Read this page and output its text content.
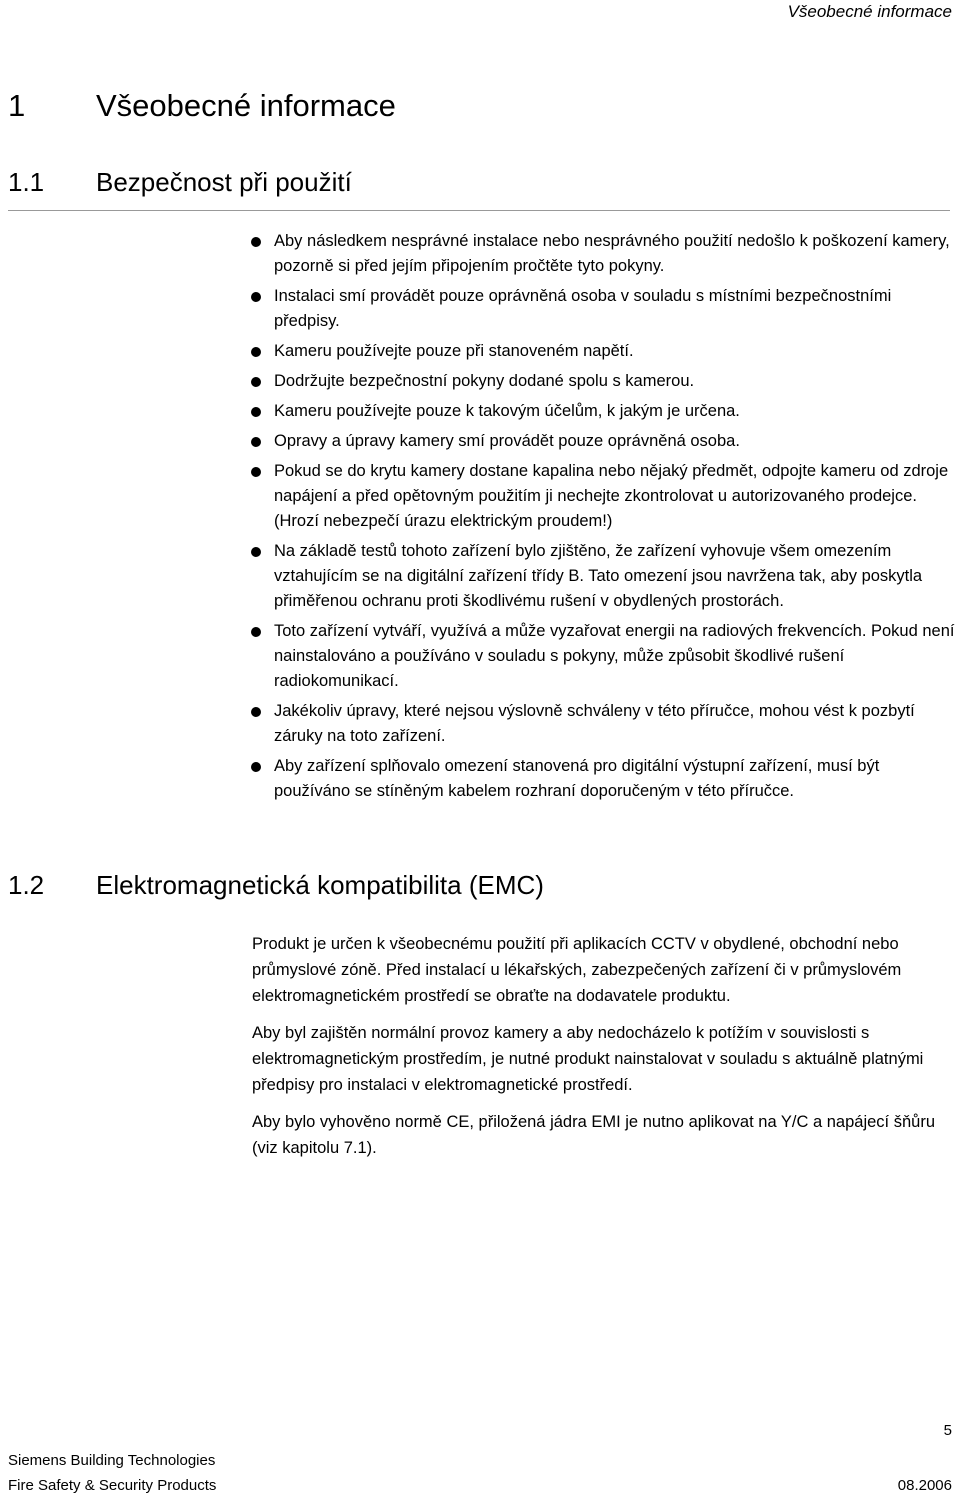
Všeobecné informace
1 Všeobecné informace
1.1 Bezpečnost při použití
Aby následkem nesprávné instalace nebo nesprávného použití nedošlo k poškození kamery, pozorně si před jejím připojením pročtěte tyto pokyny.
Instalaci smí provádět pouze oprávněná osoba v souladu s místními bezpečnostními předpisy.
Kameru používejte pouze při stanoveném napětí.
Dodržujte bezpečnostní pokyny dodané spolu s kamerou.
Kameru používejte pouze k takovým účelům, k jakým je určena.
Opravy a úpravy kamery smí provádět pouze oprávněná osoba.
Pokud se do krytu kamery dostane kapalina nebo nějaký předmět, odpojte kameru od zdroje napájení a před opětovným použitím ji nechejte zkontrolovat u autorizovaného prodejce. (Hrozí nebezpečí úrazu elektrickým proudem!)
Na základě testů tohoto zařízení bylo zjištěno, že zařízení vyhovuje všem omezením vztahujícím se na digitální zařízení třídy B. Tato omezení jsou navržena tak, aby poskytla přiměřenou ochranu proti škodlivému rušení v obydlených prostorách.
Toto zařízení vytváří, využívá a může vyzařovat energii na radiových frekvencích. Pokud není nainstalováno a používáno v souladu s pokyny, může způsobit škodlivé rušení radiokomunikací.
Jakékoliv úpravy, které nejsou výslovně schváleny v této příručce, mohou vést k pozbytí záruky na toto zařízení.
Aby zařízení splňovalo omezení stanovená pro digitální výstupní zařízení, musí být používáno se stíněným kabelem rozhraní doporučeným v této příručce.
1.2 Elektromagnetická kompatibilita (EMC)

Produkt je určen k všeobecnému použití při aplikacích CCTV v obydlené, obchodní nebo průmyslové zóně. Před instalací u lékařských, zabezpečených zařízení či v průmyslovém elektromagnetickém prostředí se obraťte na dodavatele produktu.

Aby byl zajištěn normální provoz kamery a aby nedocházelo k potížím v souvislosti s elektromagnetickým prostředím, je nutné produkt nainstalovat v souladu s aktuálně platnými předpisy pro instalaci v elektromagnetické prostředí.

Aby bylo vyhověno normě CE, přiložená jádra EMI je nutno aplikovat na Y/C a napájecí šňůru (viz kapitolu 7.1).

5
Siemens Building Technologies
Fire Safety & Security Products	08.2006
